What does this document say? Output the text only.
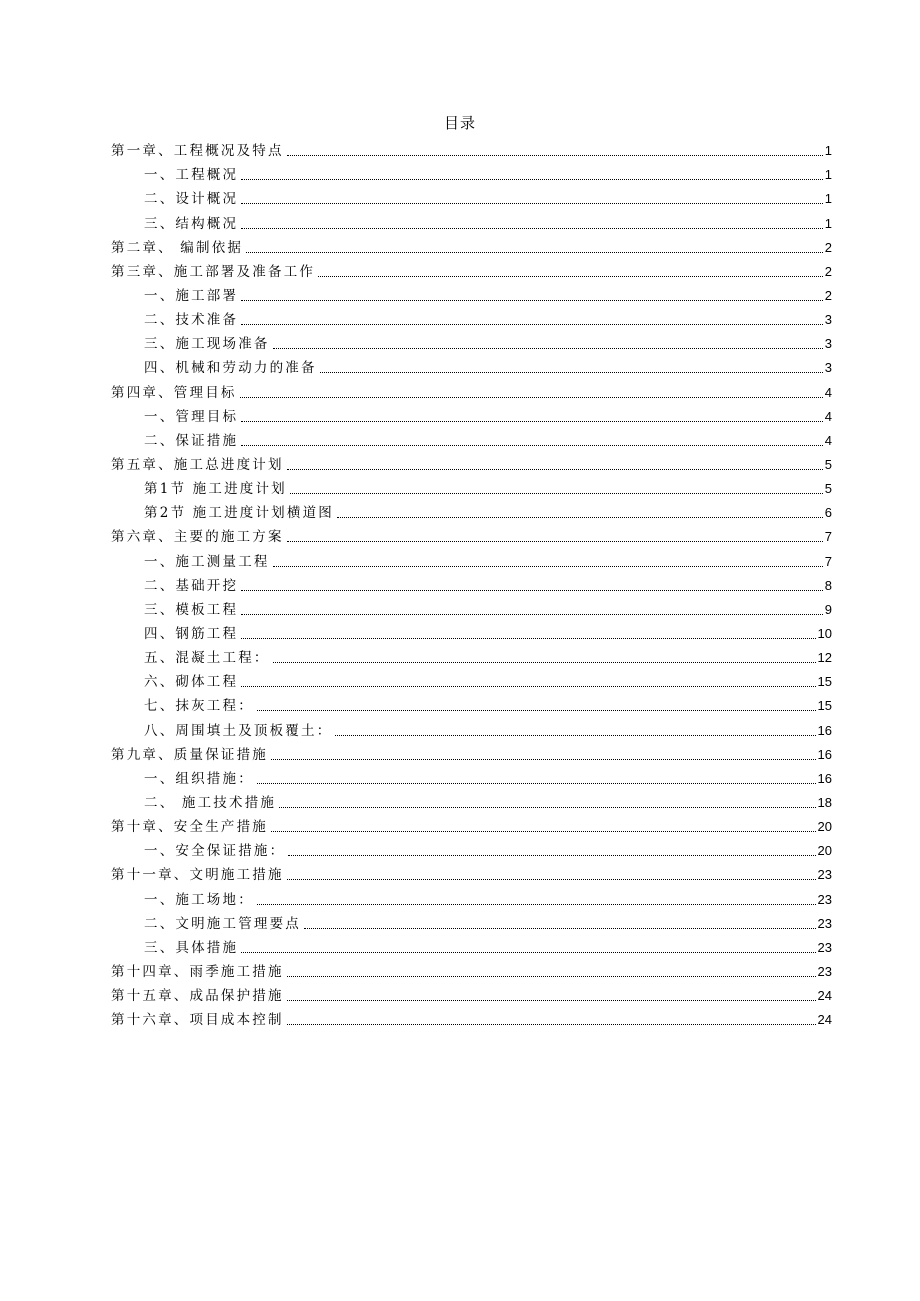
目录
第一章、工程概况及特点	1
一、工程概况	1
二、设计概况	1
三、结构概况	1
第二章、 编制依据	2
第三章、施工部署及准备工作	2
一、施工部署	2
二、技术准备	3
三、施工现场准备	3
四、机械和劳动力的准备	3
第四章、管理目标	4
一、管理目标	4
二、保证措施	4
第五章、施工总进度计划	5
第1节 施工进度计划	5
第2节 施工进度计划横道图	6
第六章、主要的施工方案	7
一、施工测量工程	7
二、基础开挖	8
三、模板工程	9
四、钢筋工程	10
五、混凝土工程：	12
六、砌体工程	15
七、抹灰工程：	15
八、周围填土及顶板覆土：	16
第九章、质量保证措施	16
一、组织措施：	16
二、 施工技术措施	18
第十章、安全生产措施	20
一、安全保证措施：	20
第十一章、文明施工措施	23
一、施工场地：	23
二、文明施工管理要点	23
三、具体措施	23
第十四章、雨季施工措施	23
第十五章、成品保护措施	24
第十六章、项目成本控制	24
